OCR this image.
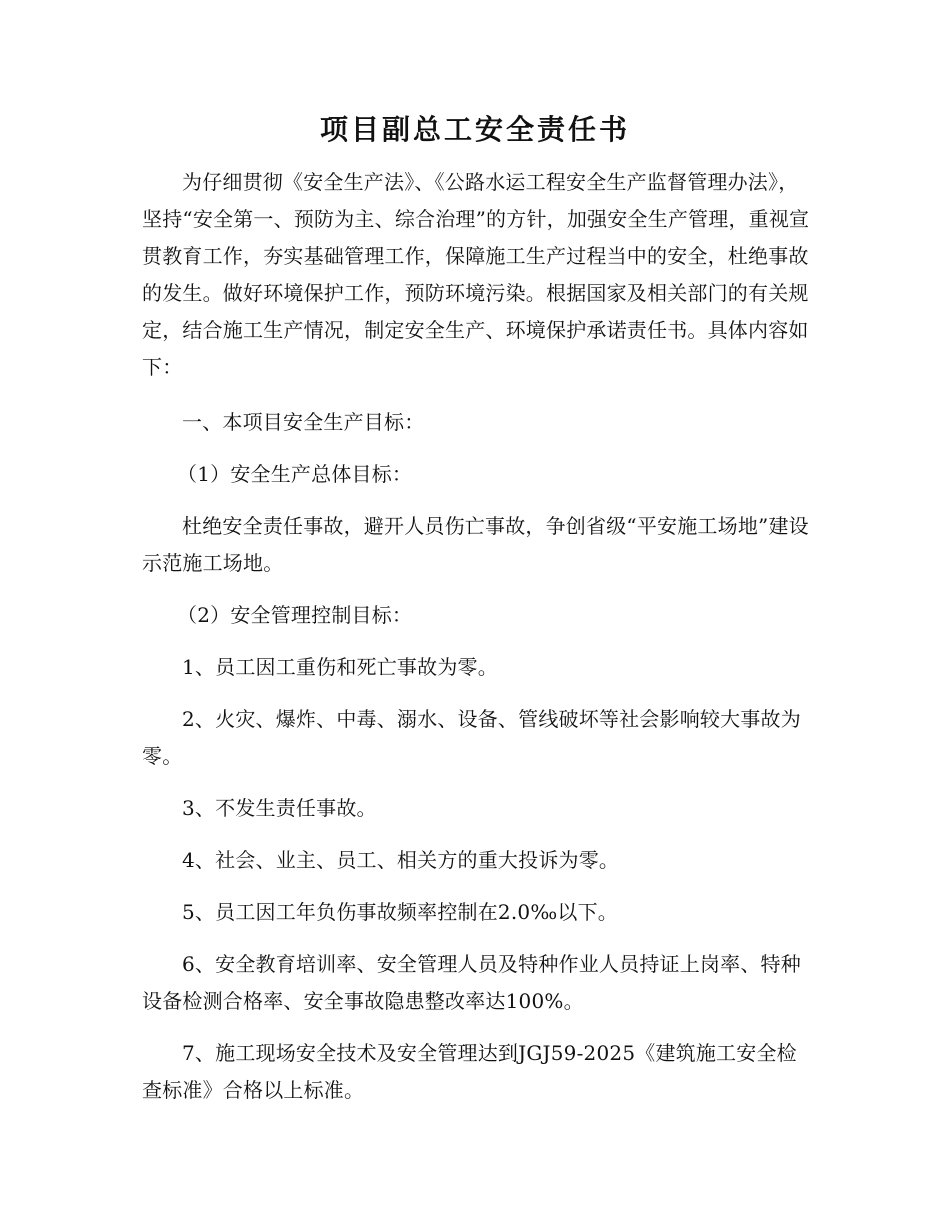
项目副总工安全责任书

为仔细贯彻《安全生产法》、《公路水运工程安全生产监督管理办法》，坚持“安全第一、预防为主、综合治理”的方针，加强安全生产管理，重视宣贯教育工作，夯实基础管理工作，保障施工生产过程当中的安全，杜绝事故的发生。做好环境保护工作，预防环境污染。根据国家及相关部门的有关规定，结合施工生产情况，制定安全生产、环境保护承诺责任书。具体内容如下：

一、本项目安全生产目标：

（1）安全生产总体目标：

杜绝安全责任事故，避开人员伤亡事故，争创省级“平安施工场地”建设示范施工场地。

（2）安全管理控制目标：

1、员工因工重伤和死亡事故为零。

2、火灾、爆炸、中毒、溺水、设备、管线破坏等社会影响较大事故为零。

3、不发生责任事故。

4、社会、业主、员工、相关方的重大投诉为零。

5、员工因工年负伤事故频率控制在2.0‰以下。

6、安全教育培训率、安全管理人员及特种作业人员持证上岗率、特种设备检测合格率、安全事故隐患整改率达100%。

7、施工现场安全技术及安全管理达到JGJ59-2025《建筑施工安全检查标准》合格以上标准。
